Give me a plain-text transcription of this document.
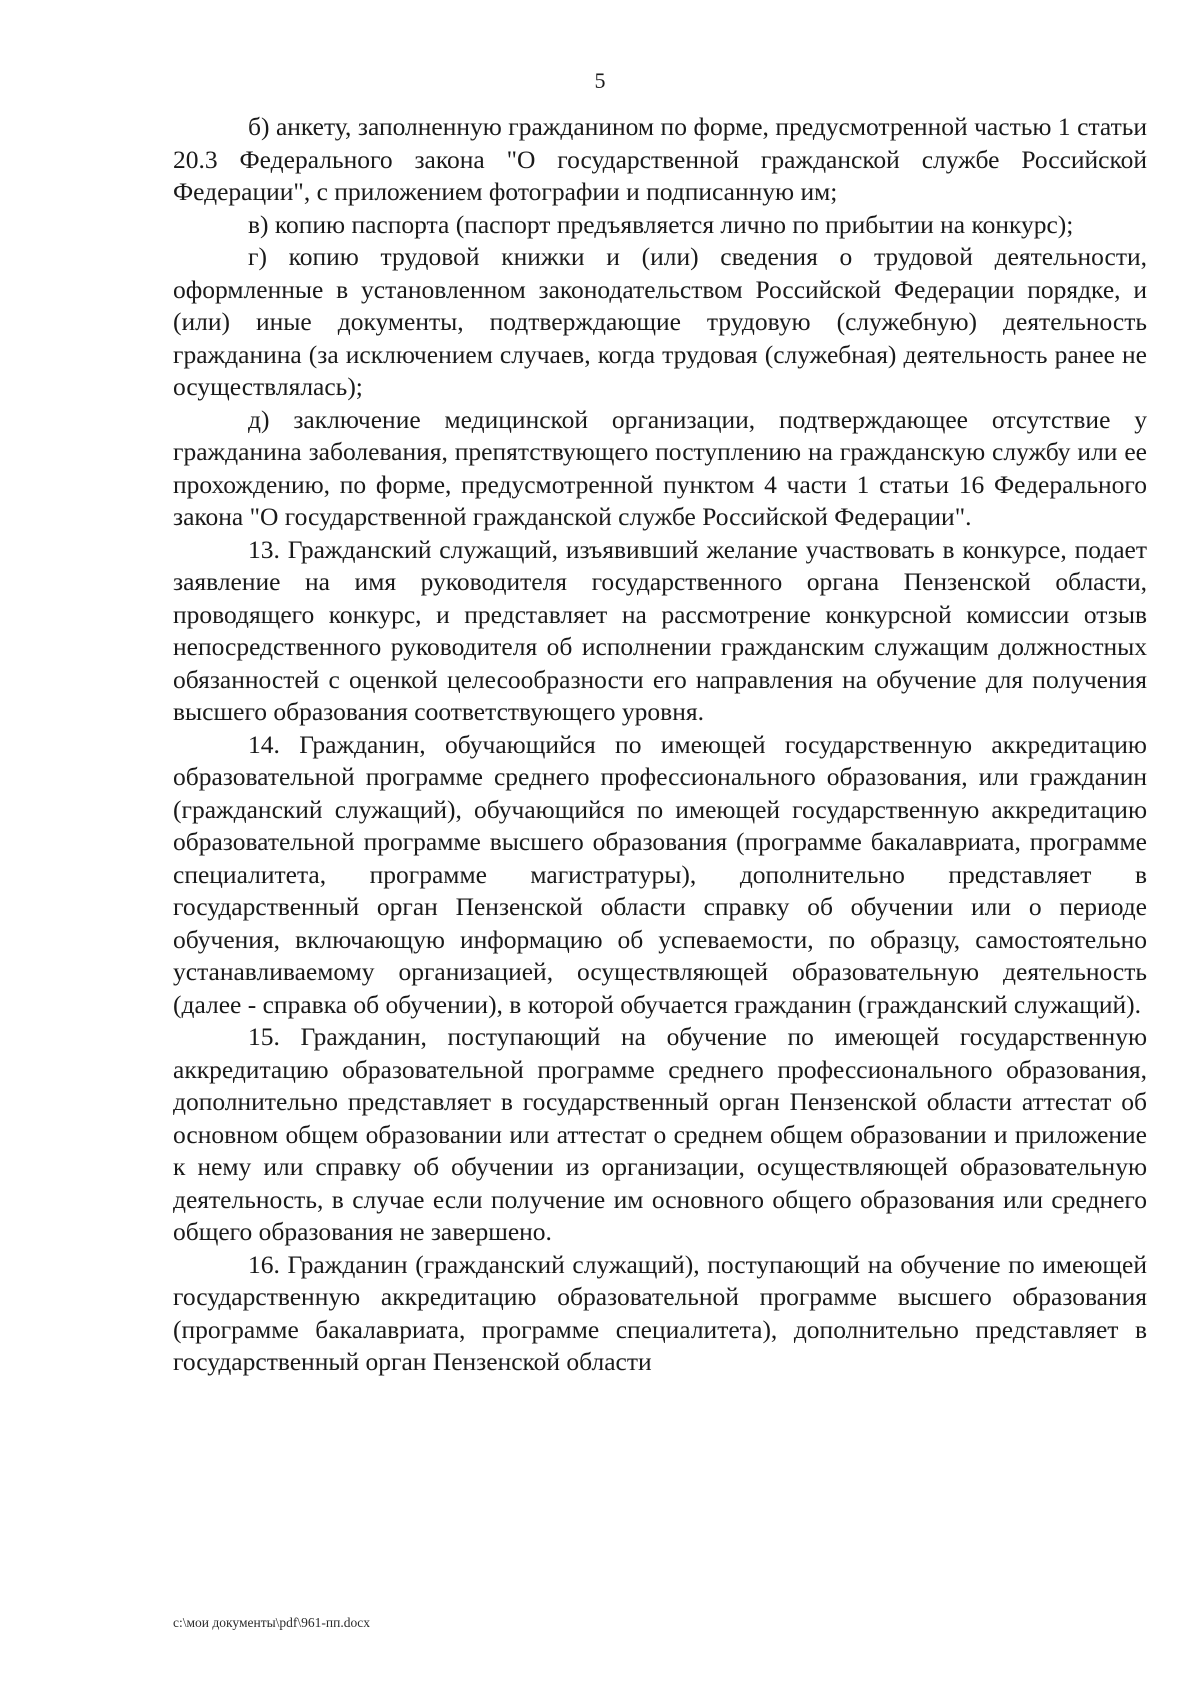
5

б) анкету, заполненную гражданином по форме, предусмотренной частью 1 статьи 20.3 Федерального закона "О государственной гражданской службе Российской Федерации", с приложением фотографии и подписанную им;

в) копию паспорта (паспорт предъявляется лично по прибытии на конкурс);

г) копию трудовой книжки и (или) сведения о трудовой деятельности, оформленные в установленном законодательством Российской Федерации порядке, и (или) иные документы, подтверждающие трудовую (служебную) деятельность гражданина (за исключением случаев, когда трудовая (служебная) деятельность ранее не осуществлялась);

д) заключение медицинской организации, подтверждающее отсутствие у гражданина заболевания, препятствующего поступлению на гражданскую службу или ее прохождению, по форме, предусмотренной пунктом 4 части 1 статьи 16 Федерального закона "О государственной гражданской службе Российской Федерации".

13. Гражданский служащий, изъявивший желание участвовать в конкурсе, подает заявление на имя руководителя государственного органа Пензенской области, проводящего конкурс, и представляет на рассмотрение конкурсной комиссии отзыв непосредственного руководителя об исполнении гражданским служащим должностных обязанностей с оценкой целесообразности его направления на обучение для получения высшего образования соответствующего уровня.

14. Гражданин, обучающийся по имеющей государственную аккредитацию образовательной программе среднего профессионального образования, или гражданин (гражданский служащий), обучающийся по имеющей государственную аккредитацию образовательной программе высшего образования (программе бакалавриата, программе специалитета, программе магистратуры), дополнительно представляет в государственный орган Пензенской области справку об обучении или о периоде обучения, включающую информацию об успеваемости, по образцу, самостоятельно устанавливаемому организацией, осуществляющей образовательную деятельность (далее - справка об обучении), в которой обучается гражданин (гражданский служащий).

15. Гражданин, поступающий на обучение по имеющей государственную аккредитацию образовательной программе среднего профессионального образования, дополнительно представляет в государственный орган Пензенской области аттестат об основном общем образовании или аттестат о среднем общем образовании и приложение к нему или справку об обучении из организации, осуществляющей образовательную деятельность, в случае если получение им основного общего образования или среднего общего образования не завершено.

16. Гражданин (гражданский служащий), поступающий на обучение по имеющей государственную аккредитацию образовательной программе высшего образования (программе бакалавриата, программе специалитета), дополнительно представляет в государственный орган Пензенской области

c:\мои документы\pdf\961-пп.docx
